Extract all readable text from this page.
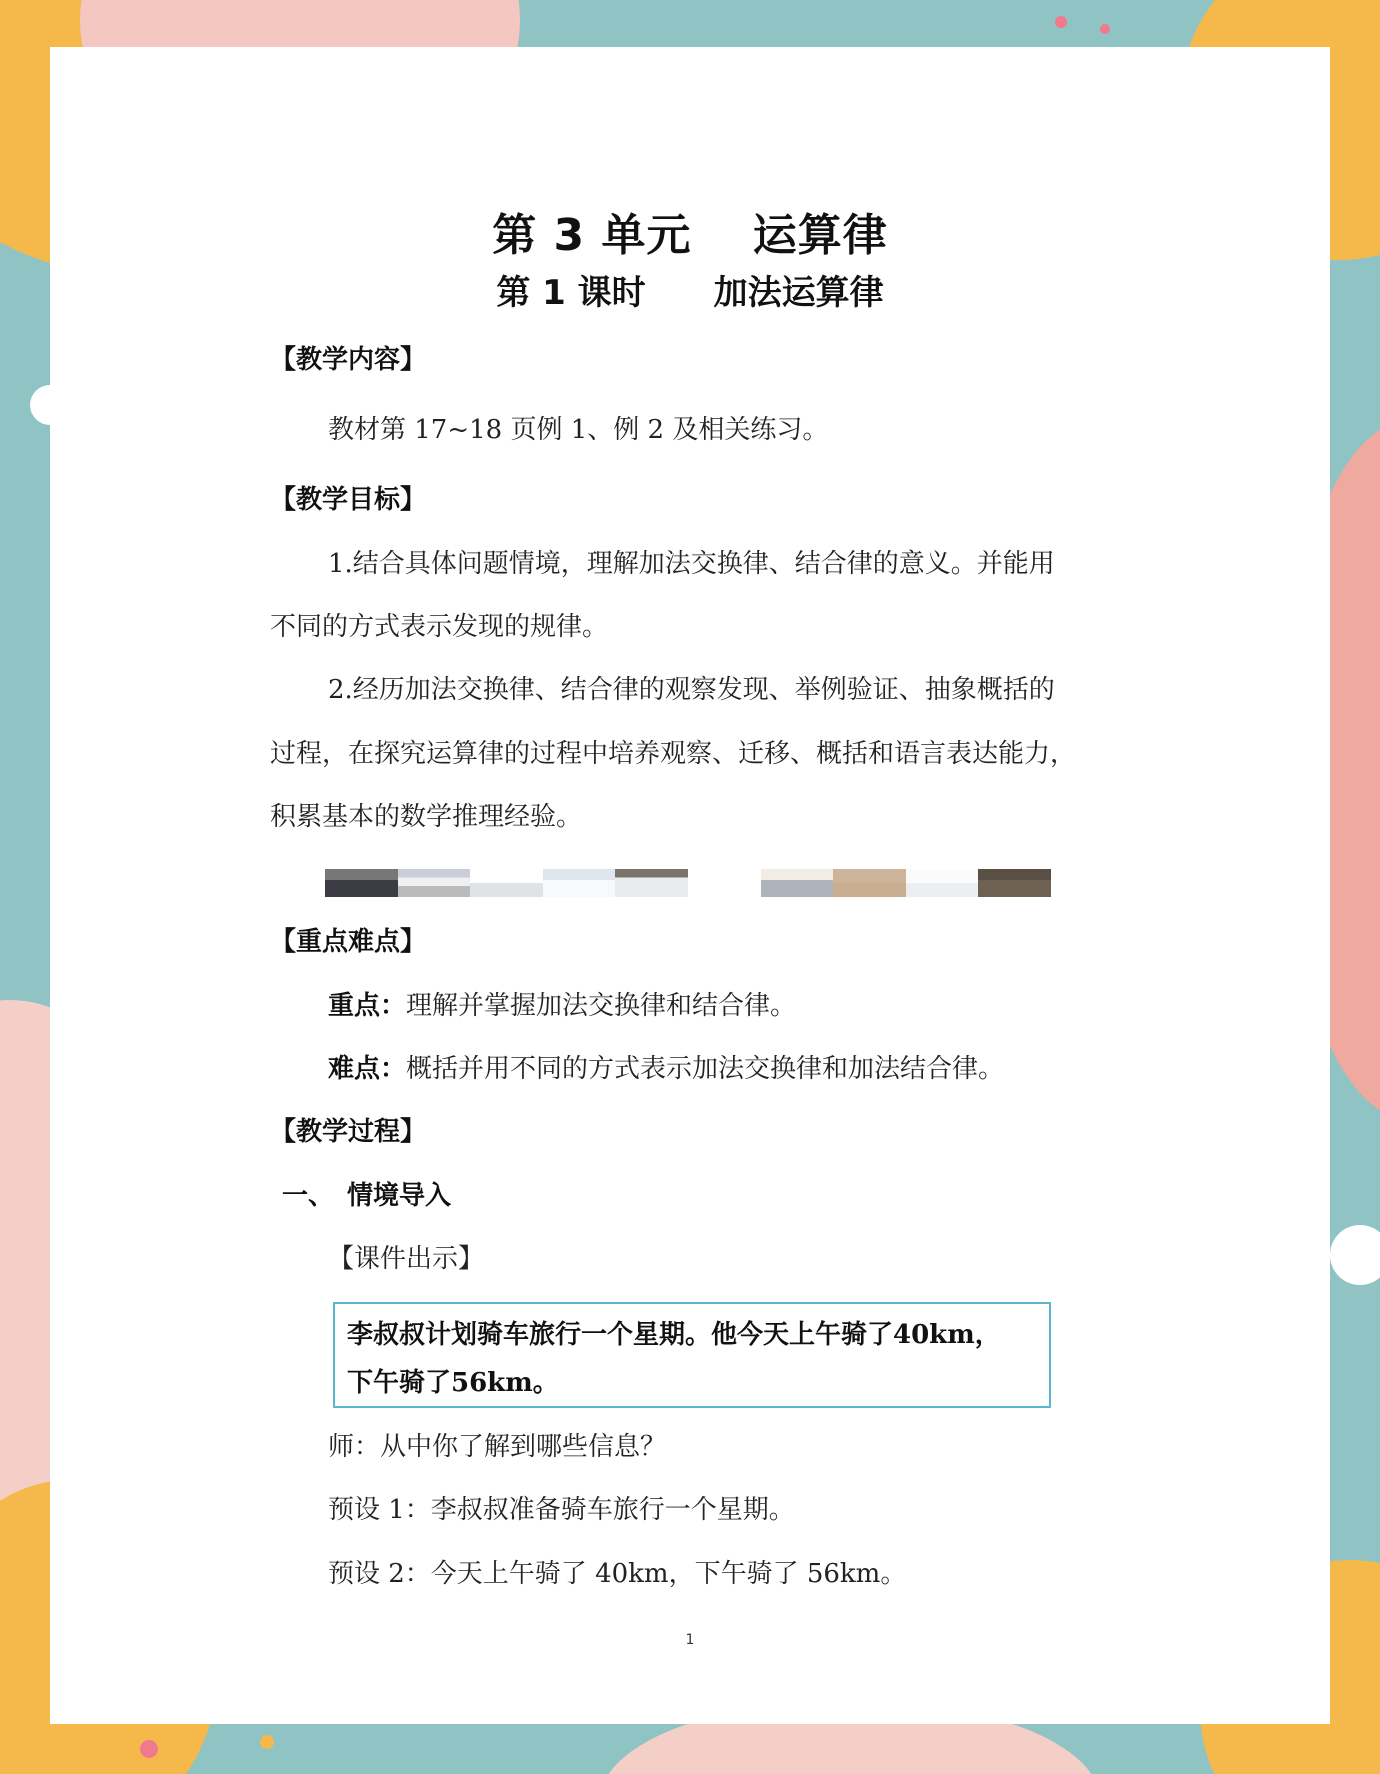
第 3 单元　 运算律
第 1 课时　　加法运算律
【教学内容】
教材第 17~18 页例 1、例 2 及相关练习。
【教学目标】
1.结合具体问题情境，理解加法交换律、结合律的意义。并能用
不同的方式表示发现的规律。
2.经历加法交换律、结合律的观察发现、举例验证、抽象概括的
过程，在探究运算律的过程中培养观察、迁移、概括和语言表达能力，
积累基本的数学推理经验。
【重点难点】
重点：理解并掌握加法交换律和结合律。
难点：概括并用不同的方式表示加法交换律和加法结合律。
【教学过程】
一、　情境导入
【课件出示】
李叔叔计划骑车旅行一个星期。他今天上午骑了40km，
下午骑了56km。
师：从中你了解到哪些信息？
预设 1：李叔叔准备骑车旅行一个星期。
预设 2：今天上午骑了 40km，下午骑了 56km。
1
